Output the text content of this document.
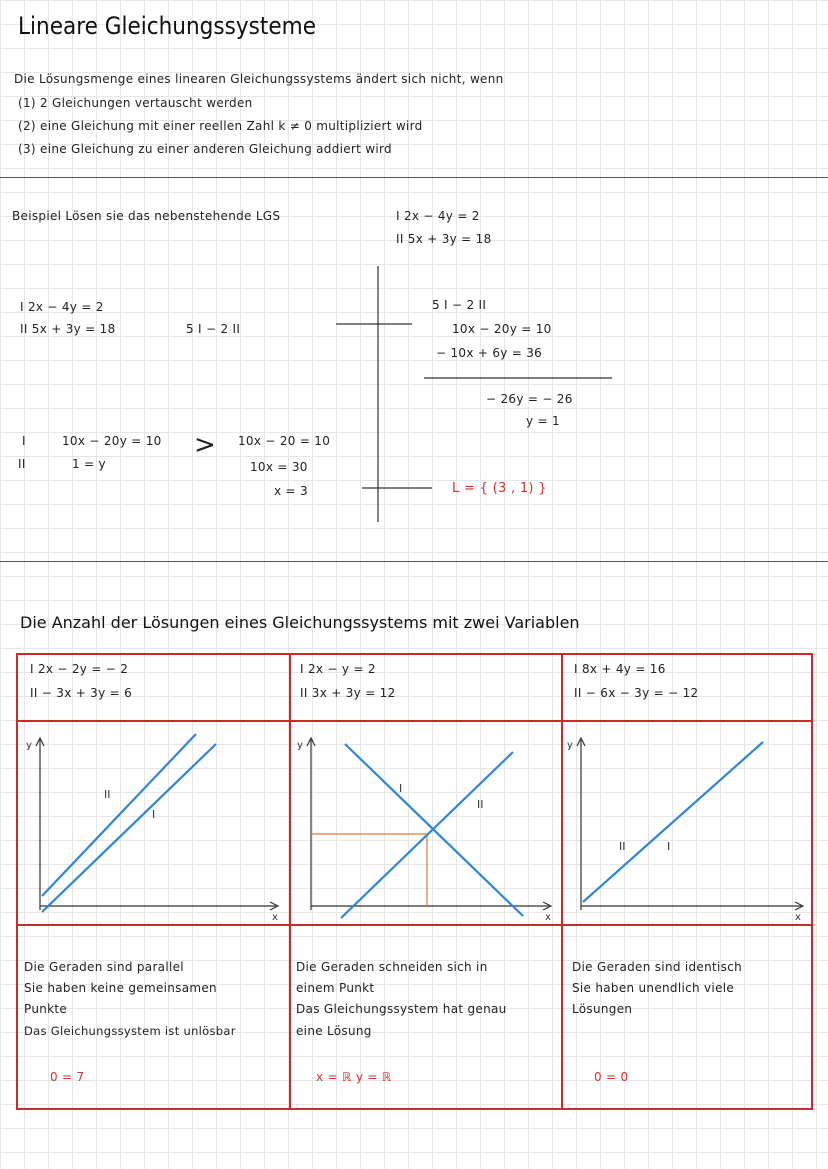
Lineare Gleichungssysteme
Die Lösungsmenge eines linearen Gleichungssystems ändert sich nicht, wenn
(1) 2 Gleichungen vertauscht werden
(2) eine Gleichung mit einer reellen Zahl k ≠ 0 multipliziert wird
(3) eine Gleichung zu einer anderen Gleichung addiert wird
Beispiel Lösen sie das nebenstehende LGS	I 2x − 4y = 2
II 5x + 3y = 18
I 2x − 4y = 2
II 5x + 3y = 18	5 I − 2 II
I	10x − 20y = 10
II	1 = y
> 10x − 20 = 10
10x = 30
x = 3
5 I − 2 II
10x − 20y = 10
− 10x + 6y = 36
− 26y = − 26
y = 1
L = { (3 , 1) }
Die Anzahl der Lösungen eines Gleichungssystems mit zwei Variablen
I 2x − 2y = − 2
II − 3x + 3y = 6
I 2x − y = 2
II 3x + 3y = 12
I 8x + 4y = 16
II − 6x − 3y = − 12
y
x
II
I
y
x
I
II
y
x
II	I
Die Geraden sind parallel
Sie haben keine gemeinsamen
Punkte
Das Gleichungssystem ist unlösbar
0 = 7
Die Geraden schneiden sich in
einem Punkt
Das Gleichungssystem hat genau
eine Lösung
x = ℝ y = ℝ
Die Geraden sind identisch
Sie haben unendlich viele
Lösungen
0 = 0
